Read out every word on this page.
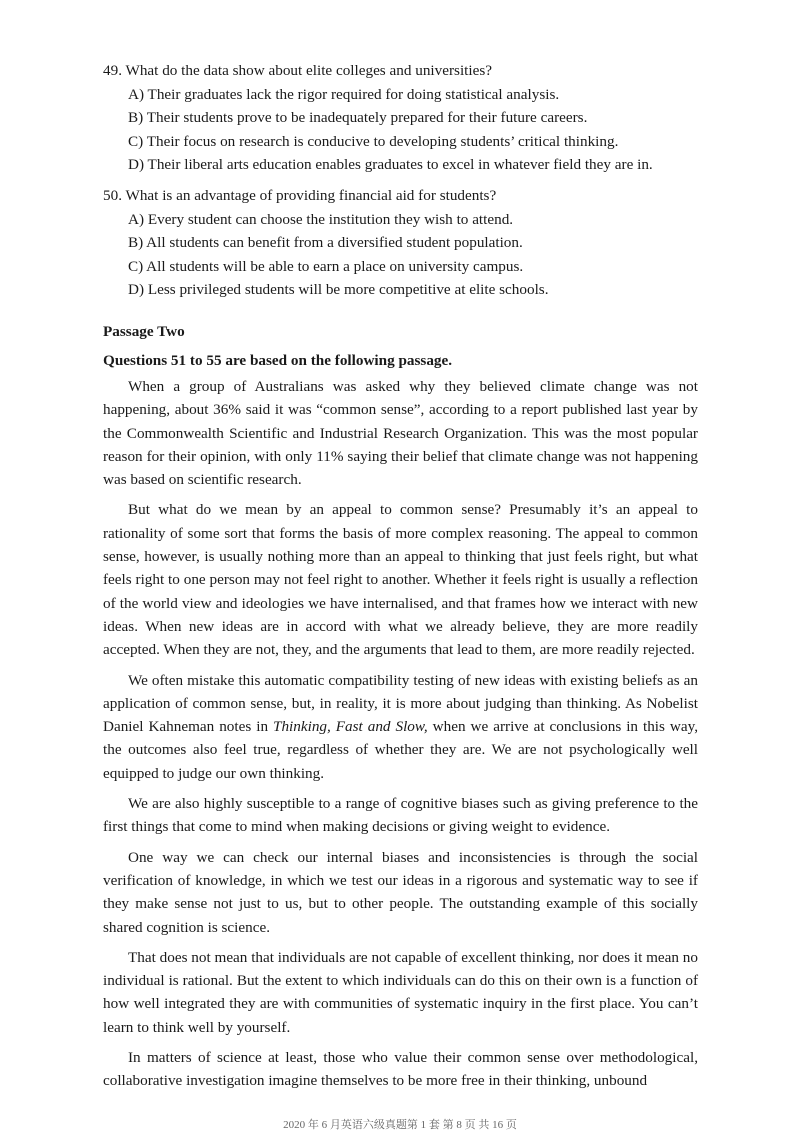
49. What do the data show about elite colleges and universities?

A) Their graduates lack the rigor required for doing statistical analysis.

B) Their students prove to be inadequately prepared for their future careers.

C) Their focus on research is conducive to developing students’ critical thinking.

D) Their liberal arts education enables graduates to excel in whatever field they are in.

50. What is an advantage of providing financial aid for students?

A) Every student can choose the institution they wish to attend.

B) All students can benefit from a diversified student population.

C) All students will be able to earn a place on university campus.

D) Less privileged students will be more competitive at elite schools.

Passage Two

Questions 51 to 55 are based on the following passage.

When a group of Australians was asked why they believed climate change was not happening, about 36% said it was “common sense”, according to a report published last year by the Commonwealth Scientific and Industrial Research Organization. This was the most popular reason for their opinion, with only 11% saying their belief that climate change was not happening was based on scientific research.

But what do we mean by an appeal to common sense? Presumably it’s an appeal to rationality of some sort that forms the basis of more complex reasoning. The appeal to common sense, however, is usually nothing more than an appeal to thinking that just feels right, but what feels right to one person may not feel right to another. Whether it feels right is usually a reflection of the world view and ideologies we have internalised, and that frames how we interact with new ideas. When new ideas are in accord with what we already believe, they are more readily accepted. When they are not, they, and the arguments that lead to them, are more readily rejected.

We often mistake this automatic compatibility testing of new ideas with existing beliefs as an application of common sense, but, in reality, it is more about judging than thinking. As Nobelist Daniel Kahneman notes in Thinking, Fast and Slow, when we arrive at conclusions in this way, the outcomes also feel true, regardless of whether they are. We are not psychologically well equipped to judge our own thinking.

We are also highly susceptible to a range of cognitive biases such as giving preference to the first things that come to mind when making decisions or giving weight to evidence.

One way we can check our internal biases and inconsistencies is through the social verification of knowledge, in which we test our ideas in a rigorous and systematic way to see if they make sense not just to us, but to other people. The outstanding example of this socially shared cognition is science.

That does not mean that individuals are not capable of excellent thinking, nor does it mean no individual is rational. But the extent to which individuals can do this on their own is a function of how well integrated they are with communities of systematic inquiry in the first place. You can’t learn to think well by yourself.

In matters of science at least, those who value their common sense over methodological, collaborative investigation imagine themselves to be more free in their thinking, unbound

2020 年 6 月英语六级真题第 1 套 第 8 页 共 16 页
